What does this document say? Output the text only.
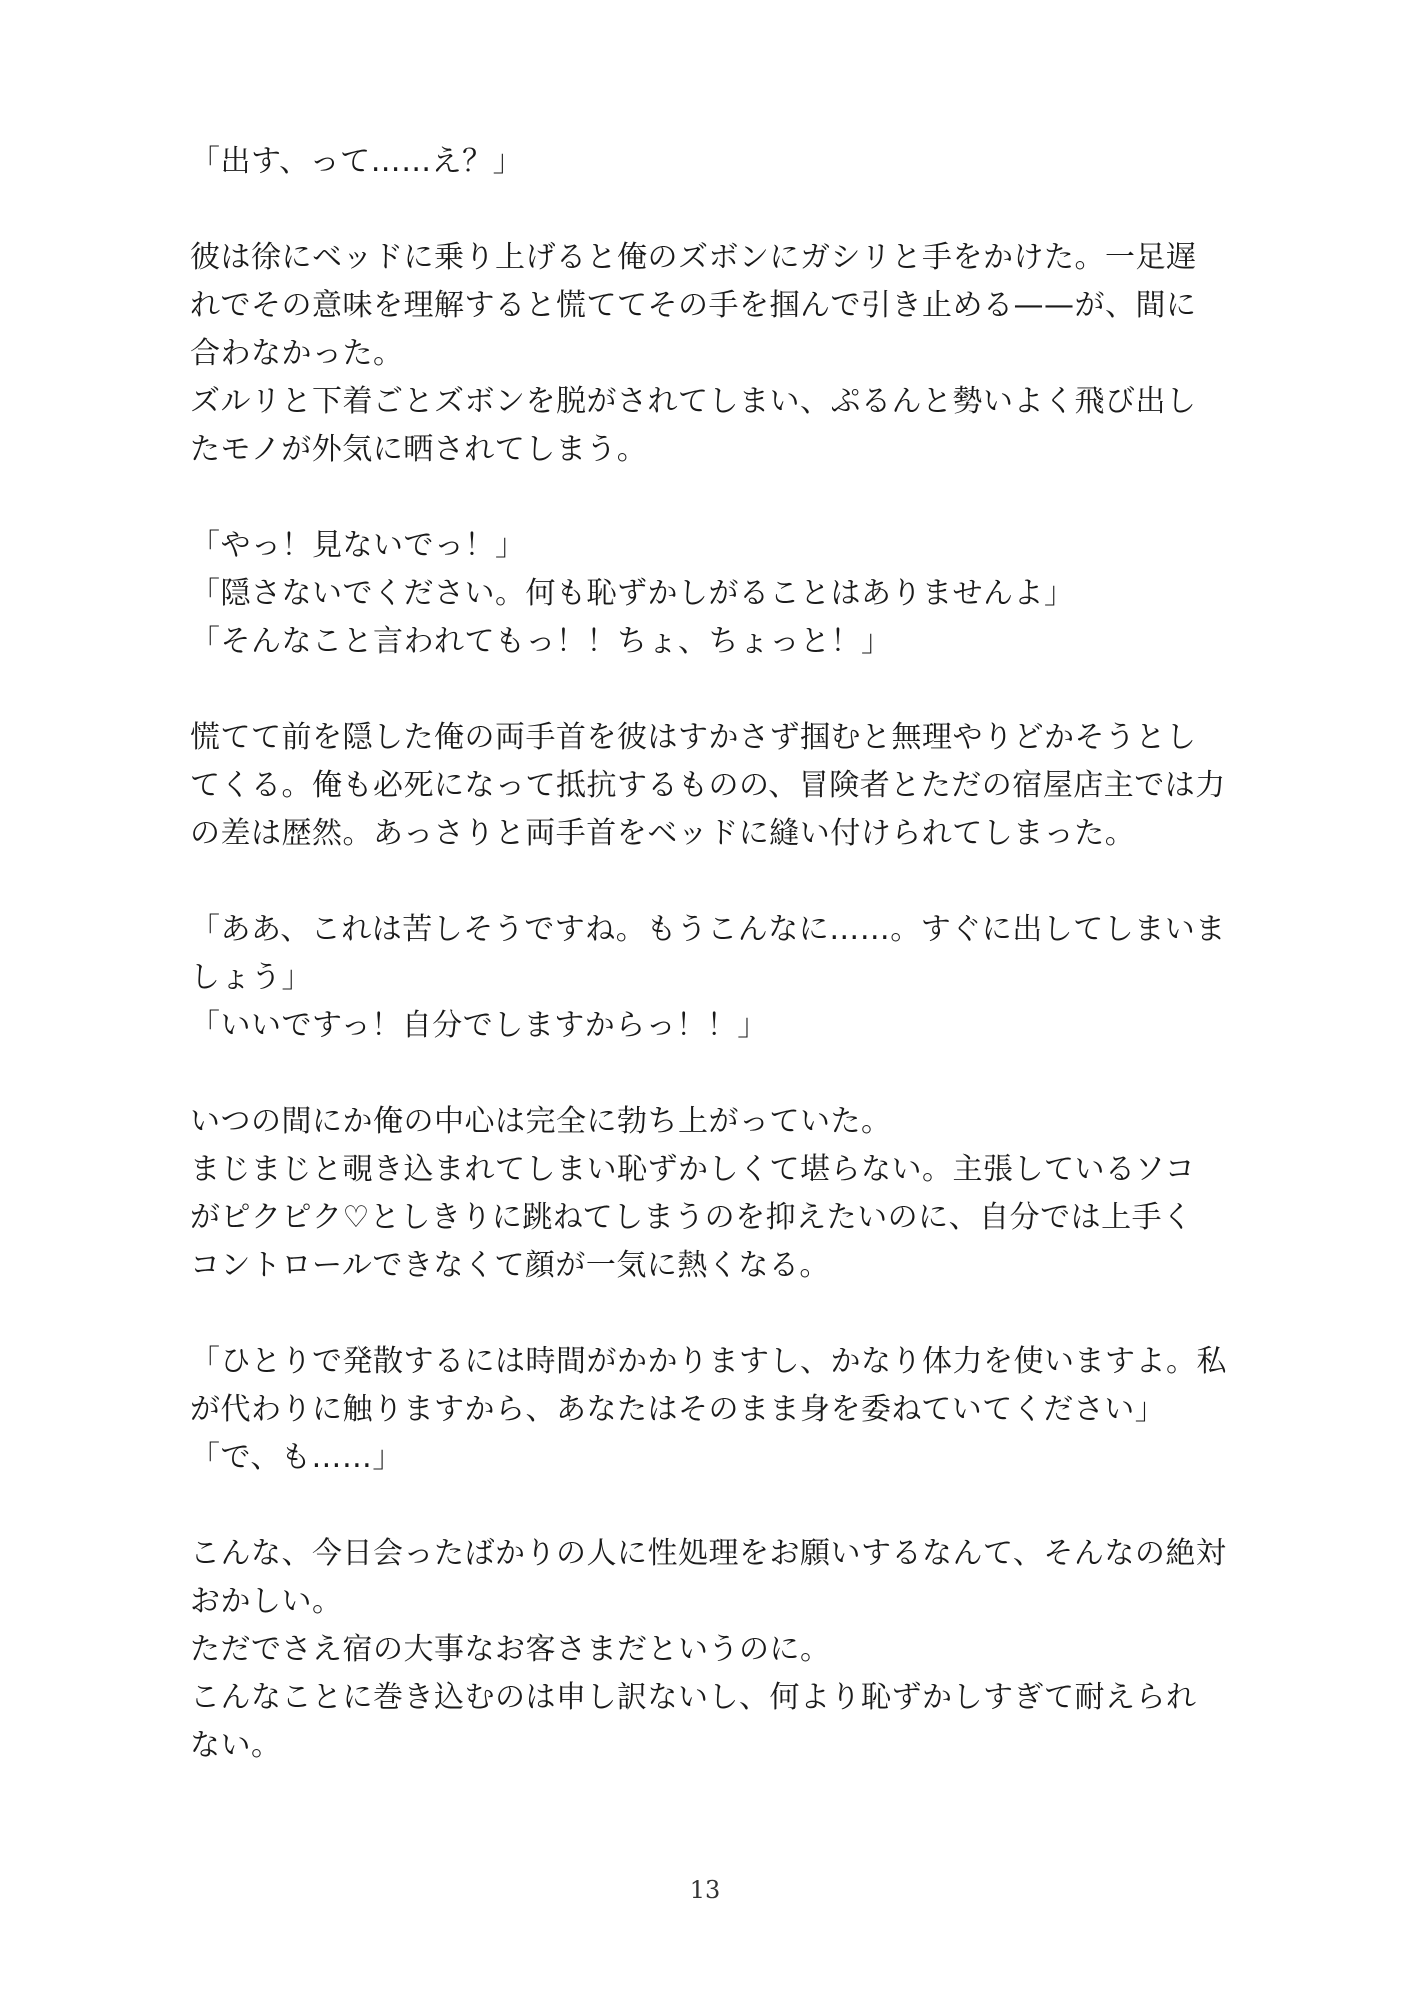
「出す、って……え？」
彼は徐にベッドに乗り上げると俺のズボンにガシリと手をかけた。一足遅
れでその意味を理解すると慌ててその手を掴んで引き止める——が、間に
合わなかった。
ズルリと下着ごとズボンを脱がされてしまい、ぷるんと勢いよく飛び出し
たモノが外気に晒されてしまう。
「やっ！見ないでっ！」
「隠さないでください。何も恥ずかしがることはありませんよ」
「そんなこと言われてもっ！！ちょ、ちょっと！」
慌てて前を隠した俺の両手首を彼はすかさず掴むと無理やりどかそうとし
てくる。俺も必死になって抵抗するものの、冒険者とただの宿屋店主では力
の差は歴然。あっさりと両手首をベッドに縫い付けられてしまった。
「ああ、これは苦しそうですね。もうこんなに……。すぐに出してしまいま
しょう」
「いいですっ！自分でしますからっ！！」
いつの間にか俺の中心は完全に勃ち上がっていた。
まじまじと覗き込まれてしまい恥ずかしくて堪らない。主張しているソコ
がピクピク♡としきりに跳ねてしまうのを抑えたいのに、自分では上手く
コントロールできなくて顔が一気に熱くなる。
「ひとりで発散するには時間がかかりますし、かなり体力を使いますよ。私
が代わりに触りますから、あなたはそのまま身を委ねていてください」
「で、も……」
こんな、今日会ったばかりの人に性処理をお願いするなんて、そんなの絶対
おかしい。
ただでさえ宿の大事なお客さまだというのに。
こんなことに巻き込むのは申し訳ないし、何より恥ずかしすぎて耐えられ
ない。
13
